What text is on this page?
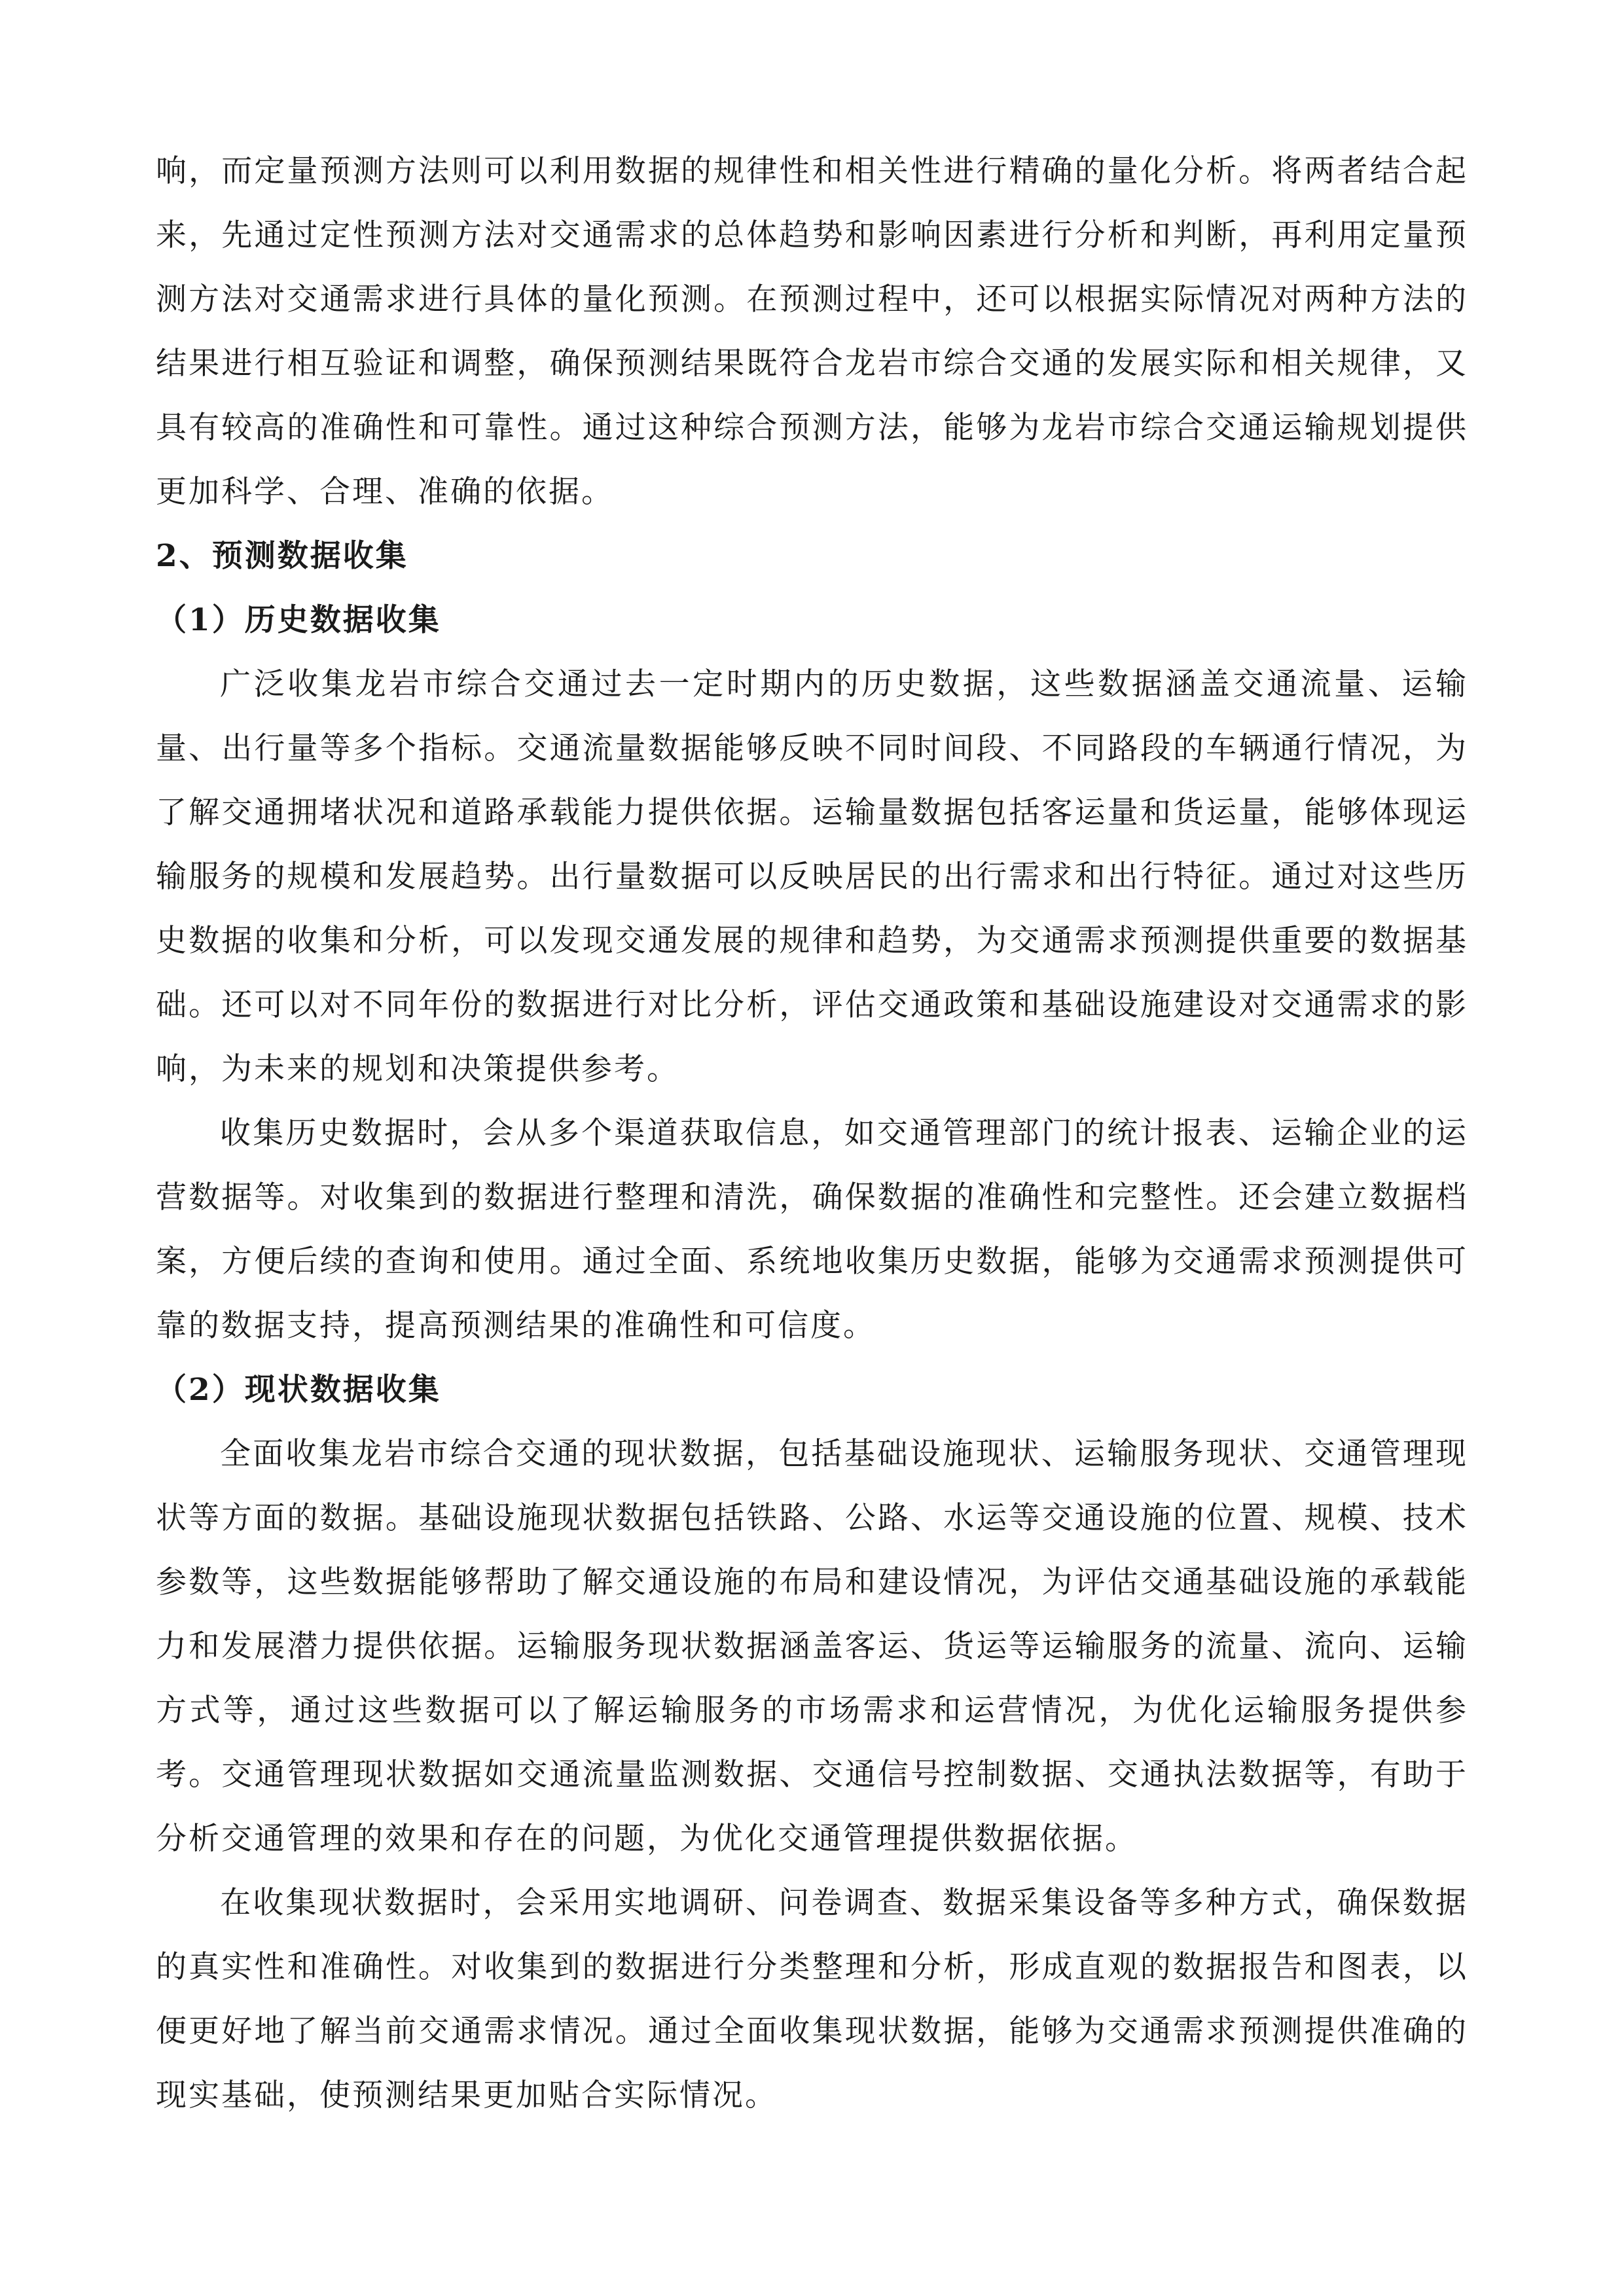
响，而定量预测方法则可以利用数据的规律性和相关性进行精确的量化分析。将两者结合起来，先通过定性预测方法对交通需求的总体趋势和影响因素进行分析和判断，再利用定量预测方法对交通需求进行具体的量化预测。在预测过程中，还可以根据实际情况对两种方法的结果进行相互验证和调整，确保预测结果既符合龙岩市综合交通的发展实际和相关规律，又具有较高的准确性和可靠性。通过这种综合预测方法，能够为龙岩市综合交通运输规划提供更加科学、合理、准确的依据。

2、预测数据收集
（1）历史数据收集

广泛收集龙岩市综合交通过去一定时期内的历史数据，这些数据涵盖交通流量、运输量、出行量等多个指标。交通流量数据能够反映不同时间段、不同路段的车辆通行情况，为了解交通拥堵状况和道路承载能力提供依据。运输量数据包括客运量和货运量，能够体现运输服务的规模和发展趋势。出行量数据可以反映居民的出行需求和出行特征。通过对这些历史数据的收集和分析，可以发现交通发展的规律和趋势，为交通需求预测提供重要的数据基础。还可以对不同年份的数据进行对比分析，评估交通政策和基础设施建设对交通需求的影响，为未来的规划和决策提供参考。

收集历史数据时，会从多个渠道获取信息，如交通管理部门的统计报表、运输企业的运营数据等。对收集到的数据进行整理和清洗，确保数据的准确性和完整性。还会建立数据档案，方便后续的查询和使用。通过全面、系统地收集历史数据，能够为交通需求预测提供可靠的数据支持，提高预测结果的准确性和可信度。

（2）现状数据收集

全面收集龙岩市综合交通的现状数据，包括基础设施现状、运输服务现状、交通管理现状等方面的数据。基础设施现状数据包括铁路、公路、水运等交通设施的位置、规模、技术参数等，这些数据能够帮助了解交通设施的布局和建设情况，为评估交通基础设施的承载能力和发展潜力提供依据。运输服务现状数据涵盖客运、货运等运输服务的流量、流向、运输方式等，通过这些数据可以了解运输服务的市场需求和运营情况，为优化运输服务提供参考。交通管理现状数据如交通流量监测数据、交通信号控制数据、交通执法数据等，有助于分析交通管理的效果和存在的问题，为优化交通管理提供数据依据。

在收集现状数据时，会采用实地调研、问卷调查、数据采集设备等多种方式，确保数据的真实性和准确性。对收集到的数据进行分类整理和分析，形成直观的数据报告和图表，以便更好地了解当前交通需求情况。通过全面收集现状数据，能够为交通需求预测提供准确的现实基础，使预测结果更加贴合实际情况。
